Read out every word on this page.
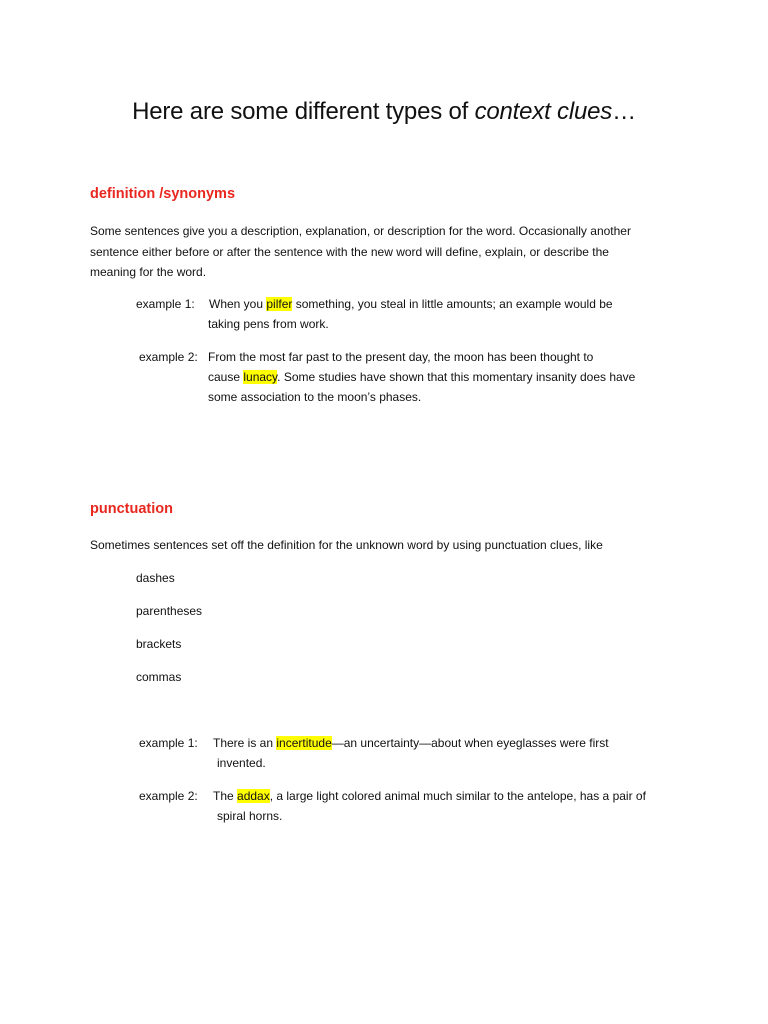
Here are some different types of context clues…
definition /synonyms
Some sentences give you a description, explanation, or description for the word. Occasionally another
sentence either before or after the sentence with the new word will define, explain, or describe the
meaning for the word.
example 1: When you pilfer something, you steal in little amounts; an example would be
taking pens from work.
example 2: From the most far past to the present day, the moon has been thought to
cause lunacy. Some studies have shown that this momentary insanity does have
some association to the moon’s phases.
punctuation
Sometimes sentences set off the definition for the unknown word by using punctuation clues, like
dashes
parentheses
brackets
commas
example 1: There is an incertitude—an uncertainty—about when eyeglasses were first
invented.
example 2: The addax, a large light colored animal much similar to the antelope, has a pair of
spiral horns.
